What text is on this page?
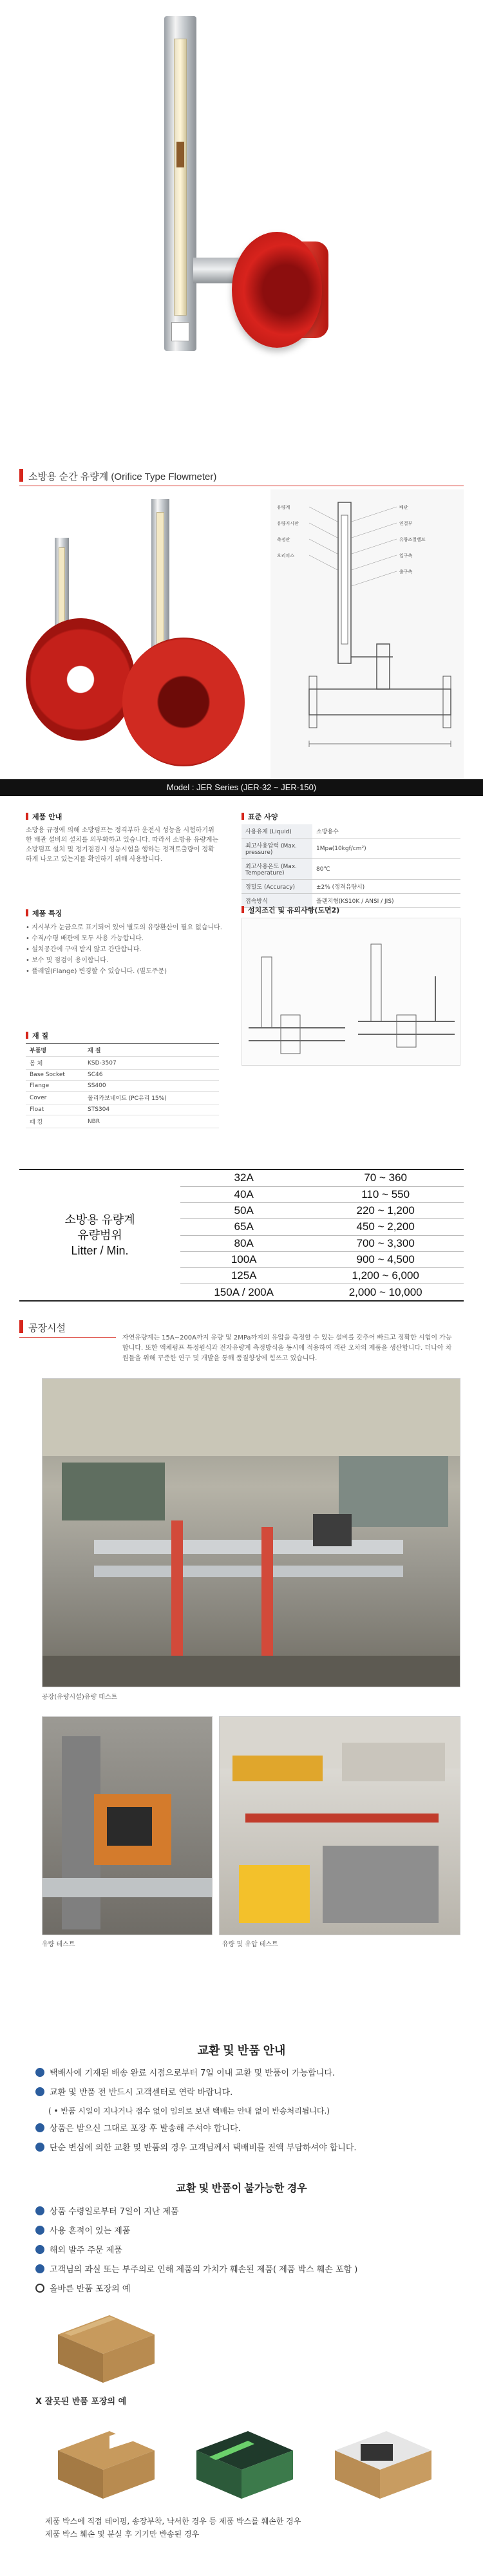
소방용 순간 유량계 (Orifice Type Flowmeter)
유량계
유량지시판
측정관
오리피스
배관
연결부
유량조절밸브
입구측
출구측
Model : JER Series (JER-32 ~ JER-150)
제품 안내
소방용 규정에 의해 소방펌프는 정격부하 운전시 성능을 시험하기위한 배관 설비의 설치를 의무화하고 있습니다. 따라서 소방용 유량계는 소방펌프 설치 및 정기점검시 성능시험을 행하는 정격토출량이 정확하게 나오고 있는지를 확인하기 위해 사용합니다.
표준 사양
사용유체 (Liquid)	소방용수
최고사용압력 (Max. pressure)	1Mpa(10kgf/cm²)
최고사용온도 (Max. Temperature)	80℃
정밀도 (Accuracy)	±2% (정격유량시)
접속방식	플랜지형(KS10K / ANSI / JIS)
제품 특징
• 지시부가 눈금으로 표기되어 있어 별도의 유량환산이 필요 없습니다.
• 수직/수평 배관에 모두 사용 가능합니다.
• 설치공간에 구애 받지 않고 간단합니다.
• 보수 및 점검이 용이합니다.
• 플레일(Flange) 변경할 수 있습니다. (별도주문)
설치조건 및 유의사항(도면2)
재 질
부품명	재 질
몸 체	KSD-3507
Base Socket	SC46
Flange	SS400
Cover	폴리카보네이트 (PC유리 15%)
Float	STS304
패 킹	NBR
소방용 유량계
유량범위
Litter / Min.
32A	70 ~ 360
40A	110 ~ 550
50A	220 ~ 1,200
65A	450 ~ 2,200
80A	700 ~ 3,300
100A	900 ~ 4,500
125A	1,200 ~ 6,000
150A / 200A	2,000 ~ 10,000
공장시설
자연유량계는 15A~200A까지 유량 및 2MPa까지의 유압을 측정할 수 있는 설비를 갖추어 빠르고 정확한 시험이 가능합니다. 또한 액체펌프 특정원식과 전자유량계 측정방식을 동시에 적용하여 객관 오차의 제품을 생산합니다. 더나아 차원들을 위해 꾸준한 연구 및 개발을 통해 품질향상에 힘쓰고 있습니다.
공장(유량시설)유량 테스트
유량 테스트	유량 및 유압 테스트
교환 및 반품 안내
교환 및 반품이 불가능한 경우
올바른 반품 포장의 예
X 잘못된 반품 포장의 예
제품 박스에 직접 테이핑, 송장부착, 낙서한 경우 등 제품 박스를 훼손한 경우
제품 박스 훼손 및 분실 후 기기만 반송된 경우
택배사에 기재된 배송 완료 시점으로부터 7일 이내 교환 및 반품이 가능합니다.
교환 및 반품 전 반드시 고객센터로 연락 바랍니다.
( • 반품 시일이 지나거나 접수 없이 임의로 보낸 택배는 안내 없이 반송처리됩니다.)
상품은 받으신 그대로 포장 후 발송해 주셔야 합니다.
단순 변심에 의한 교환 및 반품의 경우 고객님께서 택배비를 전액 부담하셔야 합니다.
상품 수령일로부터 7일이 지난 제품
사용 흔적이 있는 제품
해외 발주 주문 제품
고객님의 과실 또는 부주의로 인해 제품의 가치가 훼손된 제품( 제품 박스 훼손 포함 )
